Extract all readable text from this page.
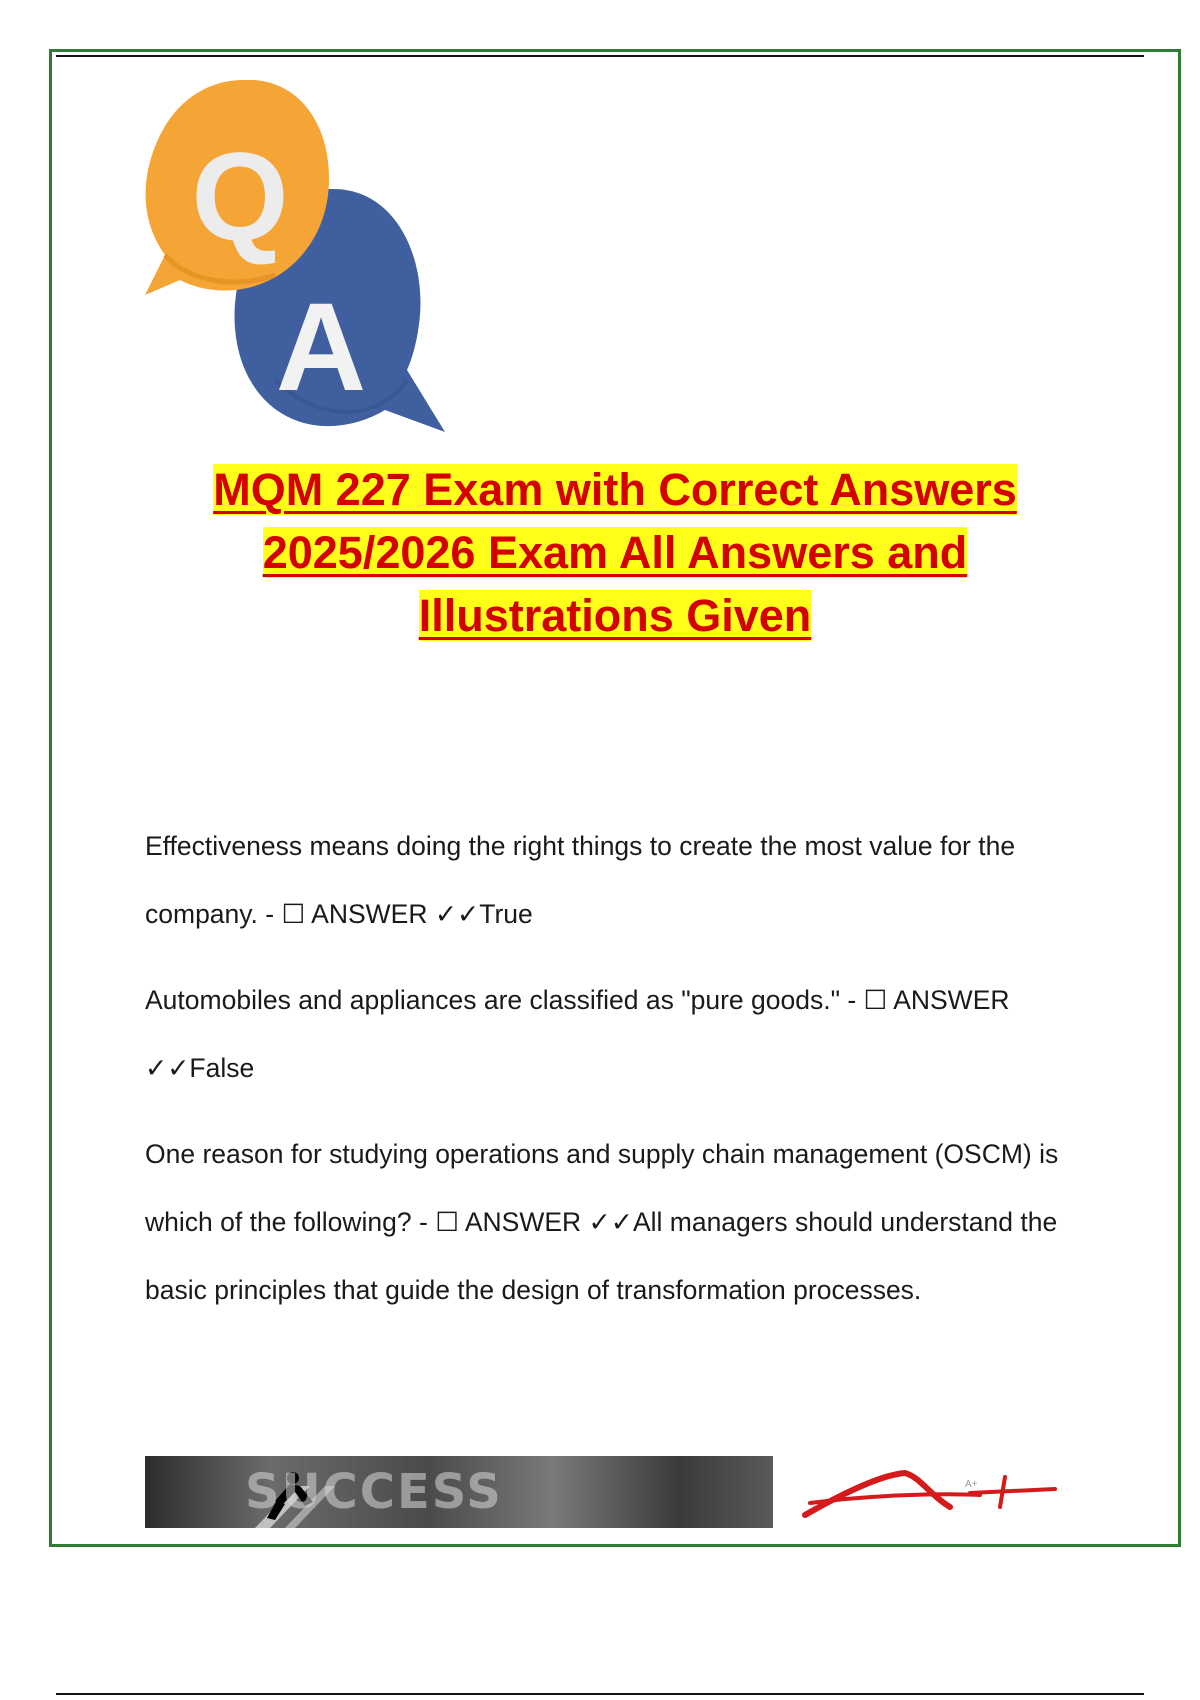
A
Q
MQM 227 Exam with Correct Answers
2025/2026 Exam All Answers and
Illustrations Given

Effectiveness means doing the right things to create the most value for the company. - ☐ ANSWER ✓✓True

Automobiles and appliances are classified as "pure goods." - ☐ ANSWER ✓✓False

One reason for studying operations and supply chain management (OSCM) is which of the following? - ☐ ANSWER ✓✓All managers should understand the basic principles that guide the design of transformation processes.

SUCCESS	A+
